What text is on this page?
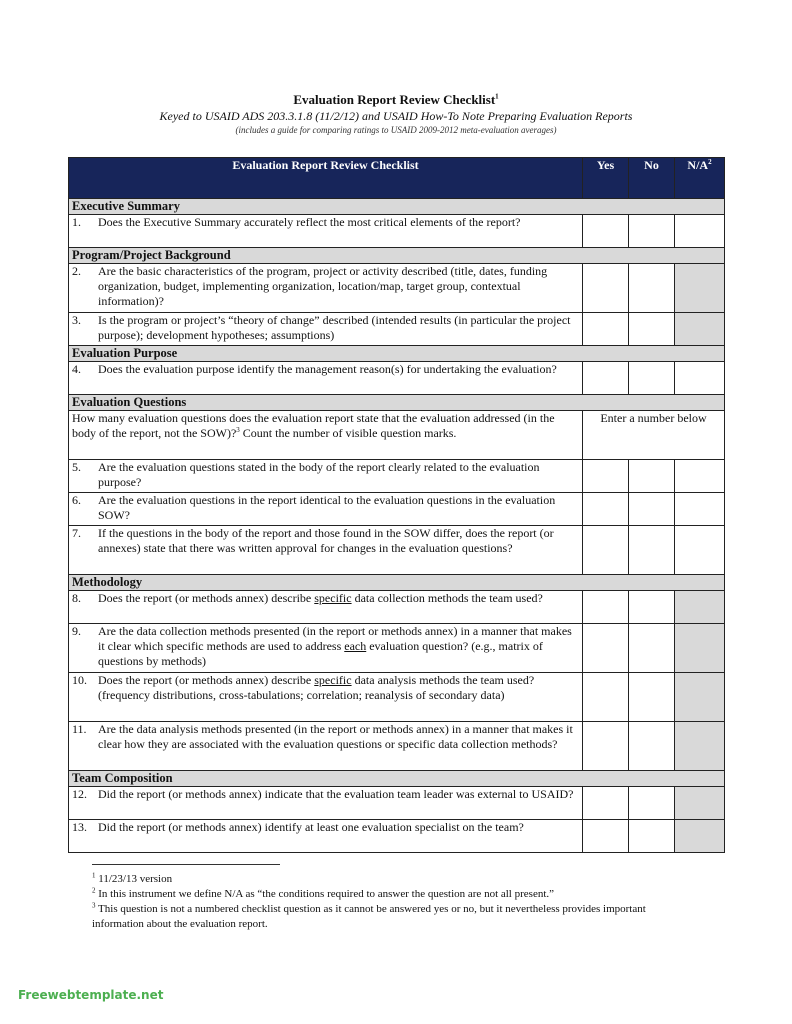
Evaluation Report Review Checklist$^1$
Keyed to USAID ADS 203.3.1.8 (11/2/12) and USAID How-To Note Preparing Evaluation Reports
(includes a guide for comparing ratings to USAID 2009-2012 meta-evaluation averages)
Evaluation Report Review Checklist	Yes	No	$N/A^2$
Executive Summary			

1. Does the Executive Summary accurately reflect the most critical elements of the report?			

Program/Project Background			

2. Are the basic characteristics of the program, project or activity described (title, dates, funding organization, budget, implementing organization, location/map, target group, contextual information)?			

3. Is the program or project’s “theory of change” described (intended results (in particular the project purpose); development hypotheses; assumptions)			

Evaluation Purpose			

4. Does the evaluation purpose identify the management reason(s) for undertaking the evaluation?			

Evaluation Questions			
How many evaluation questions does the evaluation report state that the evaluation addressed (in the body of the report, not the SOW)?$^3$ Count the number of visible question marks.	Enter a number below		

5. Are the evaluation questions stated in the body of the report clearly related to the evaluation purpose?			

6. Are the evaluation questions in the report identical to the evaluation questions in the evaluation SOW?			

7. If the questions in the body of the report and those found in the SOW differ, does the report (or annexes) state that there was written approval for changes in the evaluation questions?			

Methodology			

8. Does the report (or methods annex) describe specific data collection methods the team used?			

9. Are the data collection methods presented (in the report or methods annex) in a manner that makes it clear which specific methods are used to address each evaluation question? (e.g., matrix of questions by methods)			

10. Does the report (or methods annex) describe specific data analysis methods the team used? (frequency distributions, cross-tabulations; correlation; reanalysis of secondary data)			

11. Are the data analysis methods presented (in the report or methods annex) in a manner that makes it clear how they are associated with the evaluation questions or specific data collection methods?			

Team Composition			

12. Did the report (or methods annex) indicate that the evaluation team leader was external to USAID?			

13. Did the report (or methods annex) identify at least one evaluation specialist on the team?			

$^1$ 11/23/13 version
$^2$ In this instrument we define N/A as “the conditions required to answer the question are not all present.”
$^3$ This question is not a numbered checklist question as it cannot be answered yes or no, but it nevertheless provides important information about the evaluation report.
Freewebtemplate.net
